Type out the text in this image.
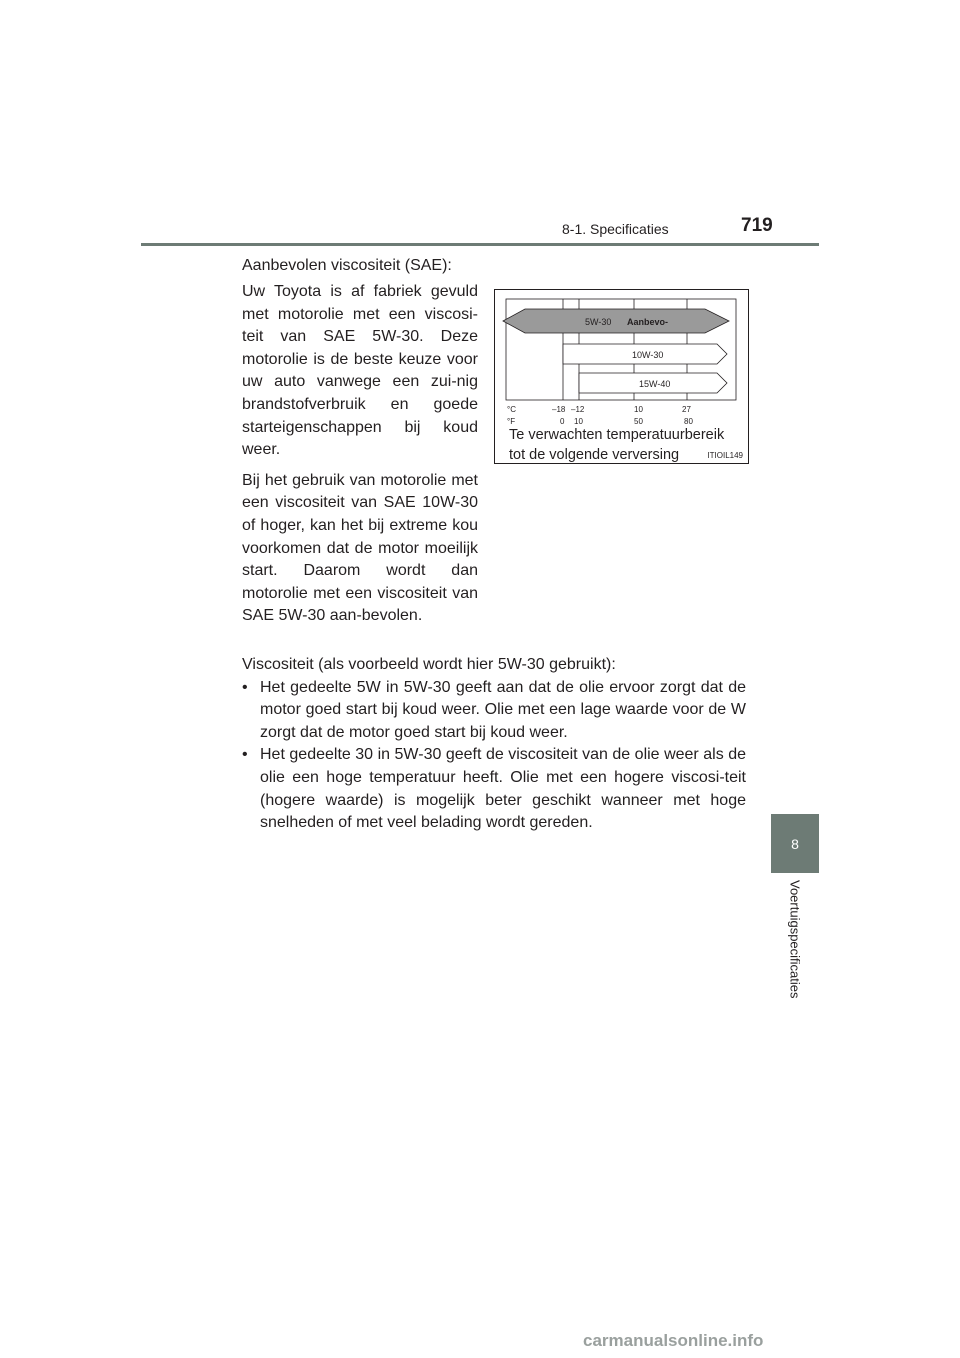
8-1. Specificaties	719
8
Voertuigspecificaties
Aanbevolen viscositeit (SAE):

Uw Toyota is af fabriek gevuld met motorolie met een viscosi-teit van SAE 5W-30. Deze motorolie is de beste keuze voor uw auto vanwege een zui-nig brandstofverbruik en goede starteigenschappen bij koud weer.

Bij het gebruik van motorolie met een viscositeit van SAE 10W-30 of hoger, kan het bij extreme kou voorkomen dat de motor moeilijk start. Daarom wordt dan motorolie met een viscositeit van SAE 5W-30 aan-bevolen.

5W-30 Aanbevo-
10W-30
15W-40
°C	–18 –12	10	27
°F	0 10	50	80
Te verwachten temperatuurbereik
tot de volgende verversing	ITIOIL149

Viscositeit (als voorbeeld wordt hier 5W-30 gebruikt):

• Het gedeelte 5W in 5W-30 geeft aan dat de olie ervoor zorgt dat de motor goed start bij koud weer. Olie met een lage waarde voor de W zorgt dat de motor goed start bij koud weer.

• Het gedeelte 30 in 5W-30 geeft de viscositeit van de olie weer als de olie een hoge temperatuur heeft. Olie met een hogere viscosi-teit (hogere waarde) is mogelijk beter geschikt wanneer met hoge snelheden of met veel belading wordt gereden.

carmanualsonline.info
